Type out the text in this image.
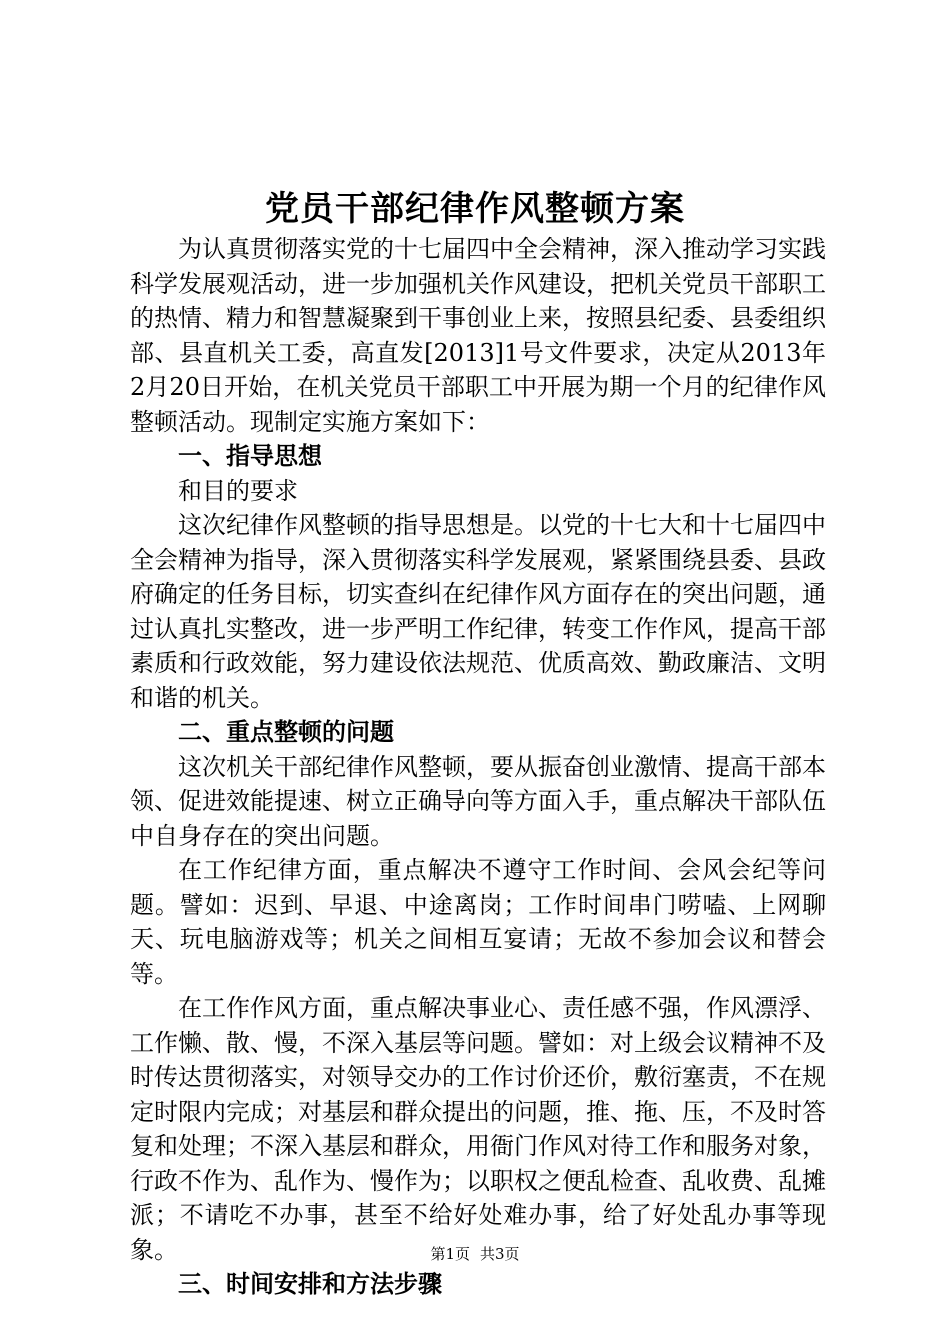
党员干部纪律作风整顿方案

为认真贯彻落实党的十七届四中全会精神，深入推动学习实践科学发展观活动，进一步加强机关作风建设，把机关党员干部职工的热情、精力和智慧凝聚到干事创业上来，按照县纪委、县委组织部、县直机关工委，高直发[2013]1号文件要求，决定从2013年2月20日开始，在机关党员干部职工中开展为期一个月的纪律作风整顿活动。现制定实施方案如下：

一、指导思想

和目的要求

这次纪律作风整顿的指导思想是。以党的十七大和十七届四中全会精神为指导，深入贯彻落实科学发展观，紧紧围绕县委、县政府确定的任务目标，切实查纠在纪律作风方面存在的突出问题，通过认真扎实整改，进一步严明工作纪律，转变工作作风，提高干部素质和行政效能，努力建设依法规范、优质高效、勤政廉洁、文明和谐的机关。

二、重点整顿的问题

这次机关干部纪律作风整顿，要从振奋创业激情、提高干部本领、促进效能提速、树立正确导向等方面入手，重点解决干部队伍中自身存在的突出问题。

在工作纪律方面，重点解决不遵守工作时间、会风会纪等问题。譬如：迟到、早退、中途离岗；工作时间串门唠嗑、上网聊天、玩电脑游戏等；机关之间相互宴请；无故不参加会议和替会等。

在工作作风方面，重点解决事业心、责任感不强，作风漂浮、工作懒、散、慢，不深入基层等问题。譬如：对上级会议精神不及时传达贯彻落实，对领导交办的工作讨价还价，敷衍塞责，不在规定时限内完成；对基层和群众提出的问题，推、拖、压，不及时答复和处理；不深入基层和群众，用衙门作风对待工作和服务对象，行政不作为、乱作为、慢作为；以职权之便乱检查、乱收费、乱摊派；不请吃不办事，甚至不给好处难办事，给了好处乱办事等现象。

三、时间安排和方法步骤

第1页 共3页
